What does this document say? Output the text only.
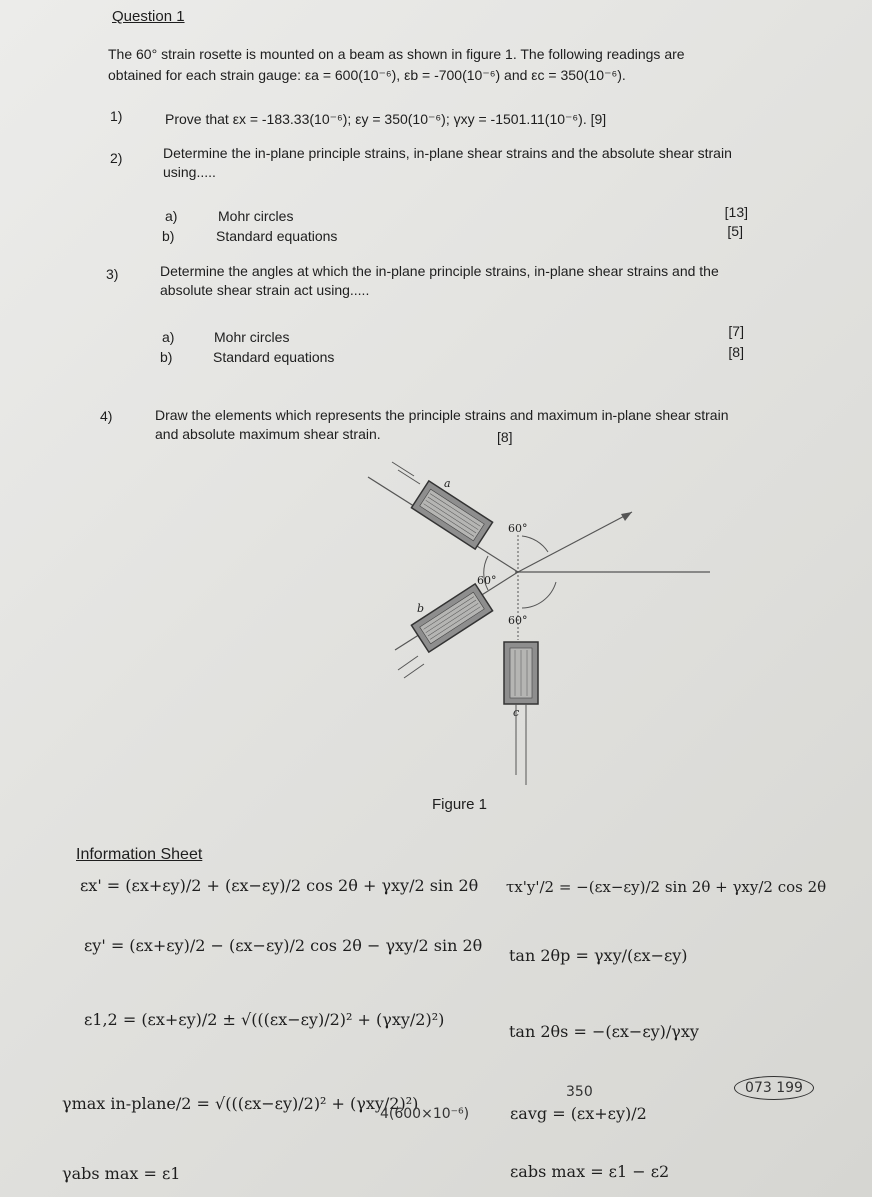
Question 1
The 60° strain rosette is mounted on a beam as shown in figure 1. The following readings are
obtained for each strain gauge: εa = 600(10⁻⁶), εb = -700(10⁻⁶) and εc = 350(10⁻⁶).
1)	Prove that εx = -183.33(10⁻⁶); εy = 350(10⁻⁶); γxy = -1501.11(10⁻⁶). [9]
2)	Determine the in-plane principle strains, in-plane shear strains and the absolute shear strain
using.....
a)	Mohr circles	[13]
b)	Standard equations	[5]
3)	Determine the angles at which the in-plane principle strains, in-plane shear strains and the
absolute shear strain act using.....
a)	Mohr circles	[7]
b)	Standard equations	[8]
4)	Draw the elements which represents the principle strains and maximum in-plane shear strain
and absolute maximum shear strain.	[8]
a
b
c
60°
60°
60°
Figure 1
Information Sheet
εx' = (εx+εy)/2 + (εx−εy)/2 cos 2θ + γxy/2 sin 2θ
εy' = (εx+εy)/2 − (εx−εy)/2 cos 2θ − γxy/2 sin 2θ
ε1,2 = (εx+εy)/2 ± √(((εx−εy)/2)² + (γxy/2)²)
γmax in-plane/2 = √(((εx−εy)/2)² + (γxy/2)²)
γabs max = ε1
τx'y'/2 = −(εx−εy)/2 sin 2θ + γxy/2 cos 2θ
tan 2θp = γxy/(εx−εy)
tan 2θs = −(εx−εy)/γxy
εavg = (εx+εy)/2
εabs max = ε1 − ε2
4(600×10⁻⁶)
350	073 199
